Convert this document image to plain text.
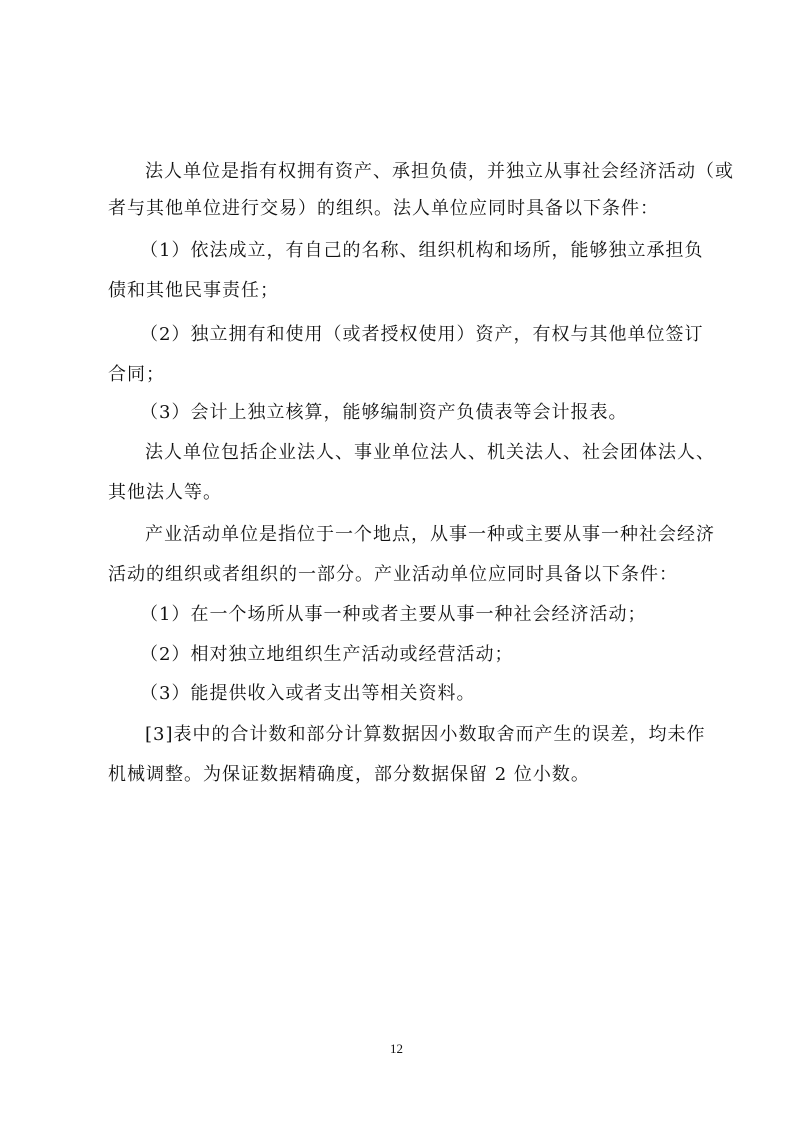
法人单位是指有权拥有资产、承担负债，并独立从事社会经济活动（或
者与其他单位进行交易）的组织。法人单位应同时具备以下条件：
（1）依法成立，有自己的名称、组织机构和场所，能够独立承担负
债和其他民事责任；
（2）独立拥有和使用（或者授权使用）资产，有权与其他单位签订
合同；
（3）会计上独立核算，能够编制资产负债表等会计报表。
法人单位包括企业法人、事业单位法人、机关法人、社会团体法人、
其他法人等。
产业活动单位是指位于一个地点，从事一种或主要从事一种社会经济
活动的组织或者组织的一部分。产业活动单位应同时具备以下条件：
（1）在一个场所从事一种或者主要从事一种社会经济活动；
（2）相对独立地组织生产活动或经营活动；
（3）能提供收入或者支出等相关资料。
[3]表中的合计数和部分计算数据因小数取舍而产生的误差，均未作
机械调整。为保证数据精确度，部分数据保留 2 位小数。
12
